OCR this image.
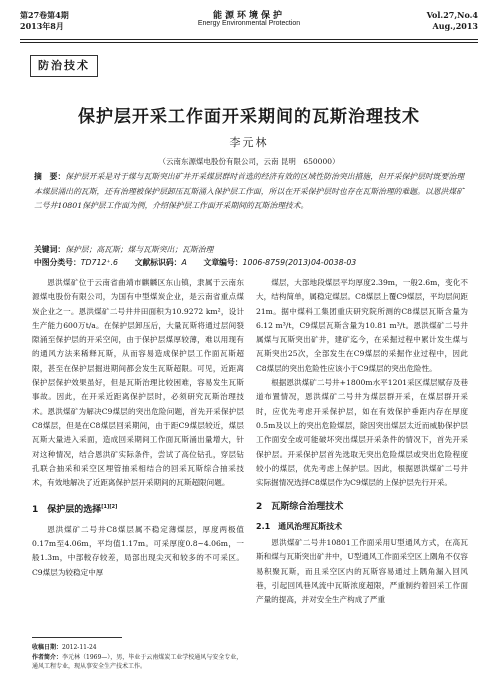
第27卷第4期
2013年8月
能源环境保护
Energy Environmental Protection
Vol.27,No.4
Aug.,2013
防治技术
保护层开采工作面开采期间的瓦斯治理技术
李元林
（云南东源煤电股份有限公司，云南 昆明　650000）
摘　要：保护层开采是对于煤与瓦斯突出矿井开采煤层群时首选的经济有效的区域性防治突出措施，但开采保护层时既要治理本煤层涌出的瓦斯，还有治理被保护层卸压瓦斯涌入保护层工作面，所以在开采保护层时也存在瓦斯治理的难题。以恩洪煤矿二号井10801保护层工作面为例，介绍保护层工作面开采期间的瓦斯治理技术。
关键词：保护层；高瓦斯；煤与瓦斯突出；瓦斯治理
中图分类号：TD712⁺.6 文献标识码：A 文章编号：1006-8759(2013)04-0038-03

恩洪煤矿位于云南省曲靖市麒麟区东山镇，隶属于云南东源煤电股份有限公司，为国有中型煤炭企业，是云南省重点煤炭企业之一。恩洪煤矿二号井井田面积为10.9272 km²，设计生产能力600万t/a。在保护层卸压后，大量瓦斯将通过层间裂隙涌至保护层的开采空间，由于保护层煤厚较薄，难以用现有的通风方法来稀释瓦斯，从而容易造成保护层工作面瓦斯超限，甚至在保护层掘进期间都会发生瓦斯超限。可见，近距离保护层保护效果虽好，但是瓦斯治理比较困难，容易发生瓦斯事故。因此，在开采近距离保护层时，必须研究瓦斯治理技术。恩洪煤矿为解决C9煤层的突出危险问题，首先开采保护层C8煤层，但是在C8煤层回采期间，由于距C9煤层较近，煤层瓦斯大量进入采面，造成回采期间工作面瓦斯涌出量增大，针对这种情况，结合恩洪矿实际条件，尝试了高位钻孔，穿层钻孔联合抽采和采空区埋管抽采相结合的回采瓦斯综合抽采技术，有效地解决了近距离保护层开采期间的瓦斯超限问题。

1　保护层的选择[1][2]

恩洪煤矿二号井C8煤层属不稳定薄煤层，厚度两极值0.17m至4.06m，平均值1.17m。可采厚度0.8~4.06m，一般1.3m，中部較存较差，局部出现尖灭和较多的不可采区。C9煤层为较稳定中厚

煤层，大部地段煤层平均厚度2.39m，一般2.6m，变化不大，结构简单，属稳定煤层。C8煤层上覆C9煤层，平均层间距21m。据中煤科工集团重庆研究院所测的C8煤层瓦斯含量为6.12 m³/t，C9煤层瓦斯含量为10.81 m³/t。恩洪煤矿二号井属煤与瓦斯突出矿井，建矿迄今，在采掘过程中累计发生煤与瓦斯突出25次，全部发生在C9煤层的采掘作业过程中，因此C8煤层的突出危险性应该小于C9煤层的突出危险性。

根据恩洪煤矿二号井+1800m水平1201采区煤层赋存及巷道布置情况，恩洪煤矿二号井为煤层群开采，在煤层群开采时，应优先考虑开采保护层，如在有效保护垂距内存在厚度0.5m及以上的突出危险煤层，除因突出煤层太近而威胁保护层工作面安全或可能破坏突出煤层开采条件的情况下，首先开采保护层。开采保护层首先选取无突出危险煤层或突出危险程度较小的煤层，优先考虑上保护层。因此，根据恩洪煤矿二号井实际掘情况选择C8煤层作为C9煤层的上保护层先行开采。

2　瓦斯综合治理技术
2.1　通风治理瓦斯技术

恩洪煤矿二号井10801工作面采用U型通风方式，在高瓦斯和煤与瓦斯突出矿井中，U型通风工作面采空区上隅角不仅容易积聚瓦斯，而且采空区内的瓦斯容易通过上隅角漏入回风巷，引起回风巷风流中瓦斯浓度超限，严重制约着回采工作面产量的提高，并对安全生产构成了严重

收稿日期：2012-11-24
作者简介：李元林（1969—），男，毕业于云南煤炭工业学校通风与安全专业，通风工程专业，现从事安全生产技术工作。
